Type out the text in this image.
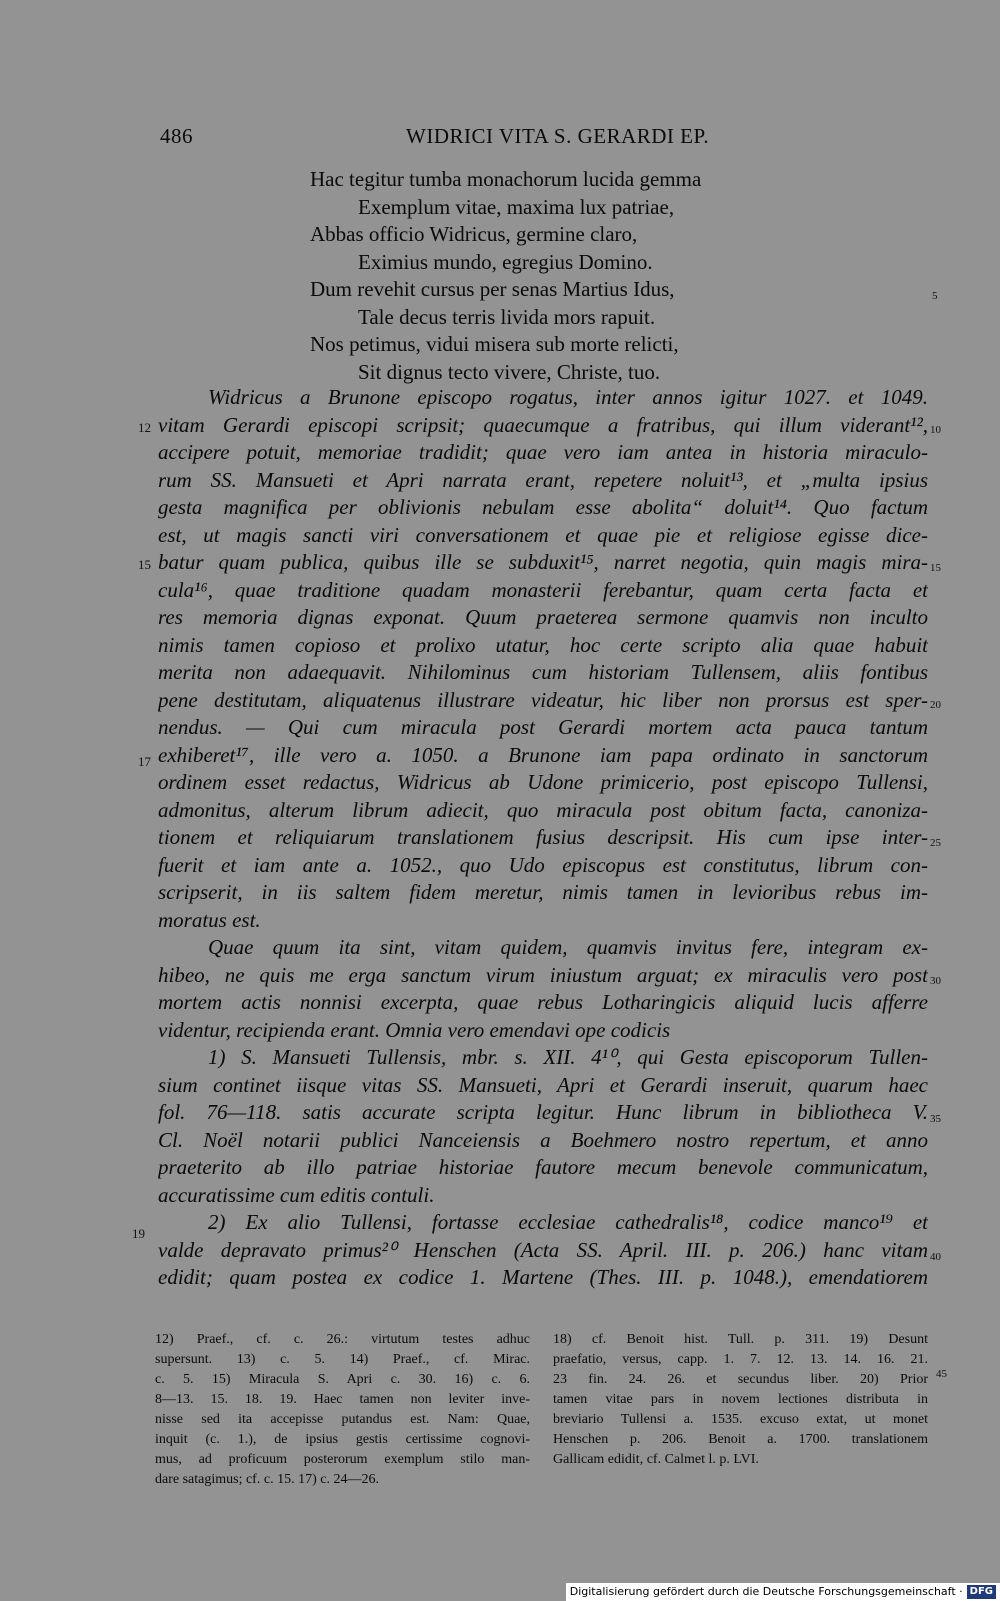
486	WIDRICI VITA S. GERARDI EP.
Hac tegitur tumba monachorum lucida gemma
Exemplum vitae, maxima lux patriae,
Abbas officio Widricus, germine claro,
Eximius mundo, egregius Domino.
Dum revehit cursus per senas Martius Idus,
Tale decus terris livida mors rapuit.
Nos petimus, vidui misera sub morte relicti,
Sit dignus tecto vivere, Christe, tuo.
Widricus a Brunone episcopo rogatus, inter annos igitur 1027. et 1049.
vitam Gerardi episcopi scripsit; quaecumque a fratribus, qui illum viderant¹²,
accipere potuit, memoriae tradidit; quae vero iam antea in historia miraculo-
rum SS. Mansueti et Apri narrata erant, repetere noluit¹³, et „multa ipsius
gesta magnifica per oblivionis nebulam esse abolita“ doluit¹⁴. Quo factum
est, ut magis sancti viri conversationem et quae pie et religiose egisse dice-
batur quam publica, quibus ille se subduxit¹⁵, narret negotia, quin magis mira-
cula¹⁶, quae traditione quadam monasterii ferebantur, quam certa facta et
res memoria dignas exponat. Quum praeterea sermone quamvis non inculto
nimis tamen copioso et prolixo utatur, hoc certe scripto alia quae habuit
merita non adaequavit. Nihilominus cum historiam Tullensem, aliis fontibus
pene destitutam, aliquatenus illustrare videatur, hic liber non prorsus est sper-
nendus. — Qui cum miracula post Gerardi mortem acta pauca tantum
exhiberet¹⁷, ille vero a. 1050. a Brunone iam papa ordinato in sanctorum
ordinem esset redactus, Widricus ab Udone primicerio, post episcopo Tullensi,
admonitus, alterum librum adiecit, quo miracula post obitum facta, canoniza-
tionem et reliquiarum translationem fusius descripsit. His cum ipse inter-
fuerit et iam ante a. 1052., quo Udo episcopus est constitutus, librum con-
scripserit, in iis saltem fidem meretur, nimis tamen in levioribus rebus im-
moratus est.
Quae quum ita sint, vitam quidem, quamvis invitus fere, integram ex-
hibeo, ne quis me erga sanctum virum iniustum arguat; ex miraculis vero post
mortem actis nonnisi excerpta, quae rebus Lotharingicis aliquid lucis afferre
videntur, recipienda erant. Omnia vero emendavi ope codicis
1) S. Mansueti Tullensis, mbr. s. XII. 4¹⁰, qui Gesta episcoporum Tullen-
sium continet iisque vitas SS. Mansueti, Apri et Gerardi inseruit, quarum haec
fol. 76—118. satis accurate scripta legitur. Hunc librum in bibliotheca V.
Cl. Noël notarii publici Nanceiensis a Boehmero nostro repertum, et anno
praeterito ab illo patriae historiae fautore mecum benevole communicatum,
accuratissime cum editis contuli.
2) Ex alio Tullensi, fortasse ecclesiae cathedralis¹⁸, codice manco¹⁹ et
valde depravato primus²⁰ Henschen (Acta SS. April. III. p. 206.) hanc vitam
edidit; quam postea ex codice 1. Martene (Thes. III. p. 1048.), emendatiorem
5
10
15
20
25
30
35
40
45
12
15
17
19
12) Praef., cf. c. 26.: virtutum testes adhuc
supersunt. 13) c. 5. 14) Praef., cf. Mirac.
c. 5. 15) Miracula S. Apri c. 30. 16) c. 6.
8—13. 15. 18. 19. Haec tamen non leviter inve-
nisse sed ita accepisse putandus est. Nam: Quae,
inquit (c. 1.), de ipsius gestis certissime cognovi-
mus, ad proficuum posterorum exemplum stilo man-
dare satagimus; cf. c. 15. 17) c. 24—26.
18) cf. Benoit hist. Tull. p. 311. 19) Desunt
praefatio, versus, capp. 1. 7. 12. 13. 14. 16. 21.
23 fin. 24. 26. et secundus liber. 20) Prior
tamen vitae pars in novem lectiones distributa in
breviario Tullensi a. 1535. excuso extat, ut monet
Henschen p. 206. Benoit a. 1700. translationem
Gallicam edidit, cf. Calmet l. p. LVI.
Digitalisierung gefördert durch die Deutsche Forschungsgemeinschaft · DFG
